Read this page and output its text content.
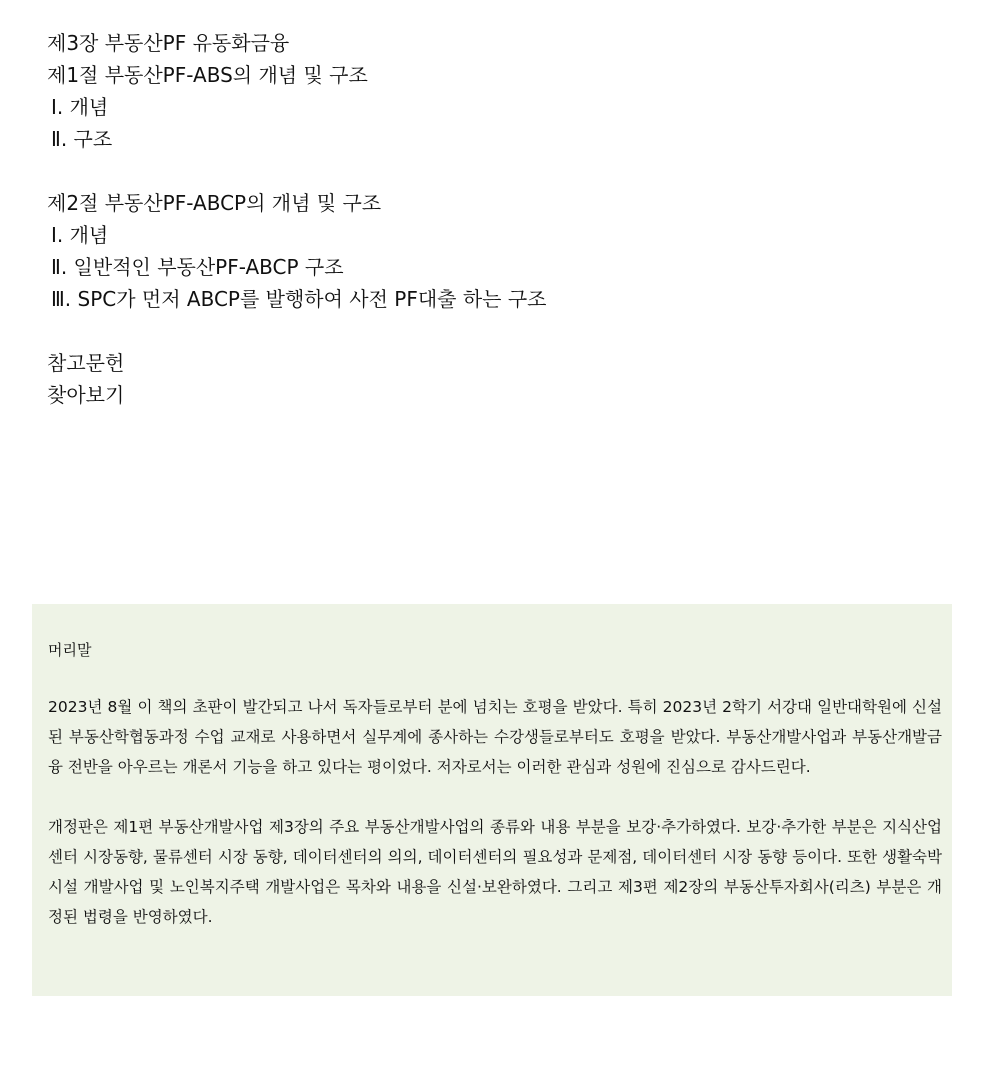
제3장 부동산PF 유동화금융
제1절 부동산PF-ABS의 개념 및 구조
Ⅰ. 개념
Ⅱ. 구조
제2절 부동산PF-ABCP의 개념 및 구조
Ⅰ. 개념
Ⅱ. 일반적인 부동산PF-ABCP 구조
Ⅲ. SPC가 먼저 ABCP를 발행하여 사전 PF대출 하는 구조
참고문헌
찾아보기
머리말

2023년 8월 이 책의 초판이 발간되고 나서 독자들로부터 분에 넘치는 호평을 받았다. 특히 2023년 2학기 서강대 일반대학원에 신설된 부동산학협동과정 수업 교재로 사용하면서 실무계에 종사하는 수강생들로부터도 호평을 받았다. 부동산개발사업과 부동산개발금융 전반을 아우르는 개론서 기능을 하고 있다는 평이었다. 저자로서는 이러한 관심과 성원에 진심으로 감사드린다.

개정판은 제1편 부동산개발사업 제3장의 주요 부동산개발사업의 종류와 내용 부분을 보강·추가하였다. 보강·추가한 부분은 지식산업센터 시장동향, 물류센터 시장 동향, 데이터센터의 의의, 데이터센터의 필요성과 문제점, 데이터센터 시장 동향 등이다. 또한 생활숙박시설 개발사업 및 노인복지주택 개발사업은 목차와 내용을 신설·보완하였다. 그리고 제3편 제2장의 부동산투자회사(리츠) 부분은 개정된 법령을 반영하였다.
